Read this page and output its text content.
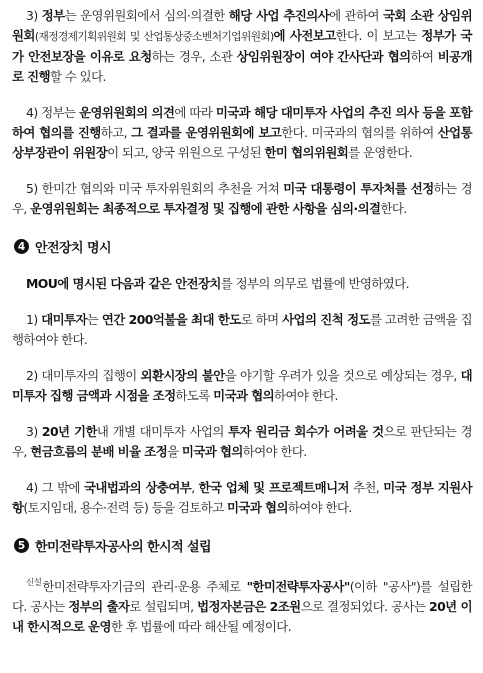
3) 정부는 운영위원회에서 심의·의결한 해당 사업 추진의사에 관하여 국회 소관 상임위원회(재정경제기획위원회 및 산업통상중소벤처기업위원회)에 사전보고한다. 이 보고는 정부가 국가 안전보장을 이유로 요청하는 경우, 소관 상임위원장이 여야 간사단과 협의하여 비공개로 진행할 수 있다.

4) 정부는 운영위원회의 의견에 따라 미국과 해당 대미투자 사업의 추진 의사 등을 포함하여 협의를 진행하고, 그 결과를 운영위원회에 보고한다. 미국과의 협의를 위하여 산업통상부장관이 위원장이 되고, 양국 위원으로 구성된 한미 협의위원회를 운영한다.

5) 한미간 협의와 미국 투자위원회의 추천을 거쳐 미국 대통령이 투자처를 선정하는 경우, 운영위원회는 최종적으로 투자결정 및 집행에 관한 사항을 심의·의결한다.

4 안전장치 명시

MOU에 명시된 다음과 같은 안전장치를 정부의 의무로 법률에 반영하였다.

1) 대미투자는 연간 200억불을 최대 한도로 하며 사업의 진척 정도를 고려한 금액을 집행하여야 한다.

2) 대미투자의 집행이 외환시장의 불안을 야기할 우려가 있을 것으로 예상되는 경우, 대미투자 집행 금액과 시점을 조정하도록 미국과 협의하여야 한다.

3) 20년 기한내 개별 대미투자 사업의 투자 원리금 회수가 어려울 것으로 판단되는 경우, 현금흐름의 분배 비율 조정을 미국과 협의하여야 한다.

4) 그 밖에 국내법과의 상충여부, 한국 업체 및 프로젝트매니저 추천, 미국 정부 지원사항(토지임대, 용수·전력 등) 등을 검토하고 미국과 협의하여야 한다.

5 한미전략투자공사의 한시적 설립

$^{신설}$한미전략투자기금의 관리·운용 주체로 "한미전략투자공사"(이하 "공사")를 설립한다. 공사는 정부의 출자로 설립되며, 법정자본금은 2조원으로 결정되었다. 공사는 20년 이내 한시적으로 운영한 후 법률에 따라 해산될 예정이다.
